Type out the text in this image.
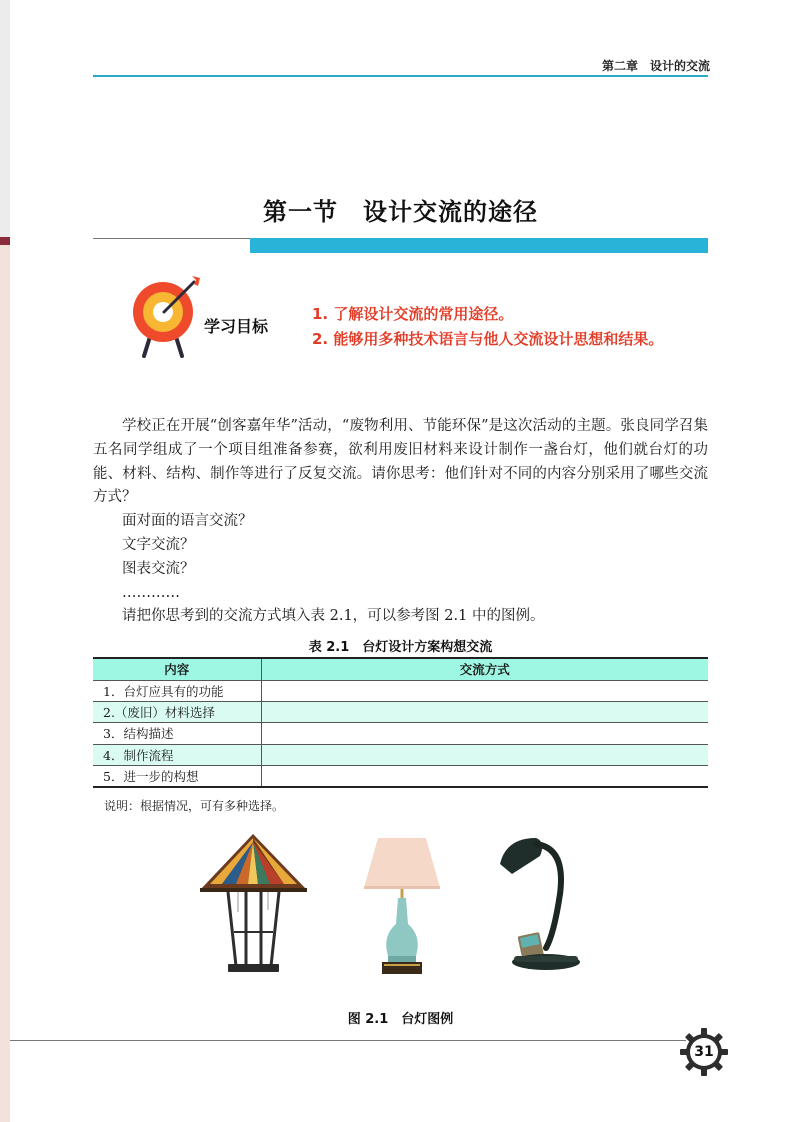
第二章　设计的交流
第一节　设计交流的途径
学习目标
1. 了解设计交流的常用途径。
2. 能够用多种技术语言与他人交流设计思想和结果。

学校正在开展“创客嘉年华”活动，“废物利用、节能环保”是这次活动的主题。张良同学召集五名同学组成了一个项目组准备参赛，欲利用废旧材料来设计制作一盏台灯，他们就台灯的功能、材料、结构、制作等进行了反复交流。请你思考：他们针对不同的内容分别采用了哪些交流方式？

面对面的语言交流？

文字交流？

图表交流？

…………

请把你思考到的交流方式填入表 2.1，可以参考图 2.1 中的图例。

表 2.1　台灯设计方案构想交流
内容	交流方式
1．台灯应具有的功能	
2.（废旧）材料选择	
3．结构描述	
4．制作流程	
5．进一步的构想	
说明：根据情况，可有多种选择。
图 2.1　台灯图例
31
